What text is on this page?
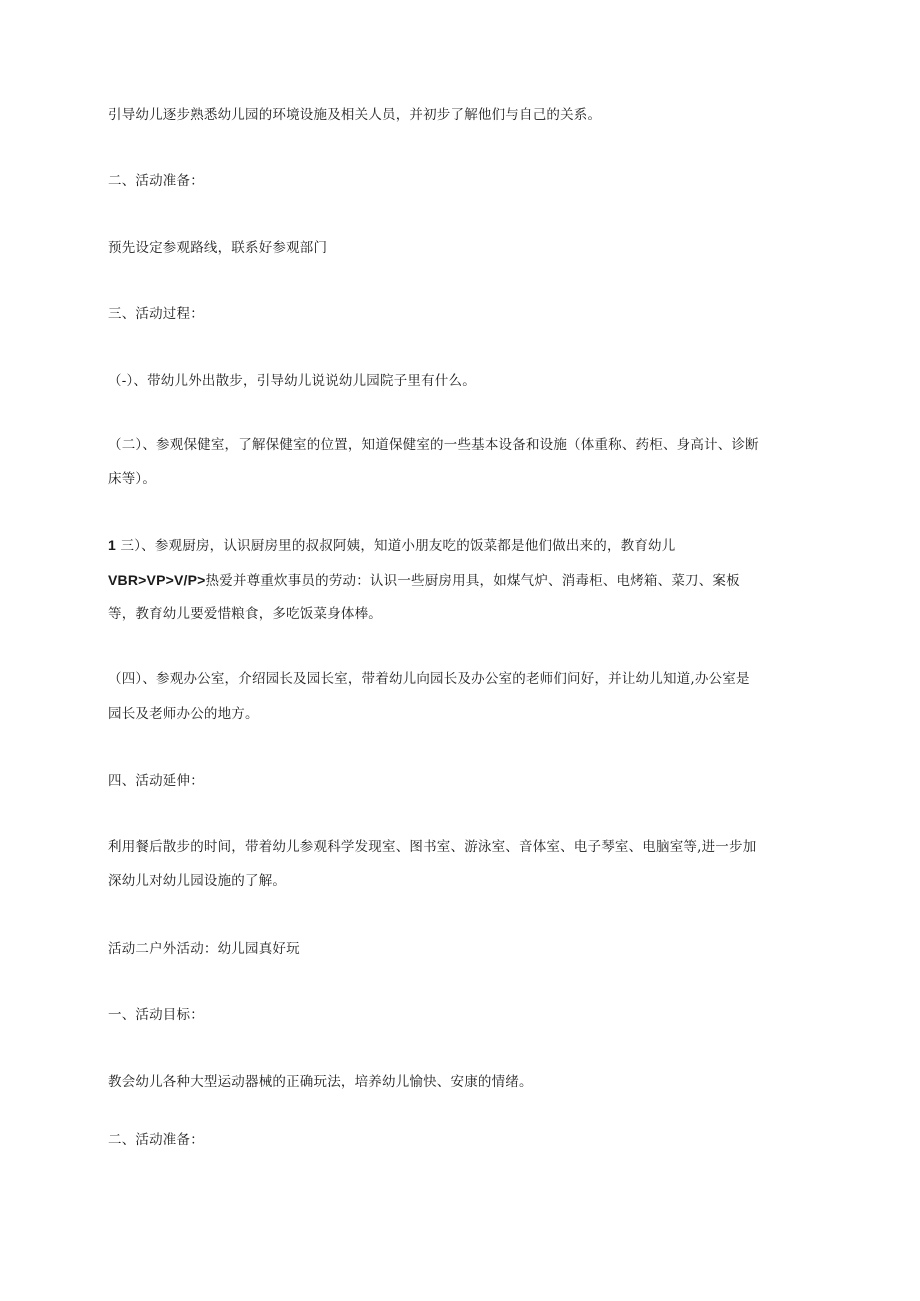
引导幼儿逐步熟悉幼儿园的环境设施及相关人员，并初步了解他们与自己的关系。
二、活动准备：
预先设定参观路线，联系好参观部门
三、活动过程：
（-）、带幼儿外出散步，引导幼儿说说幼儿园院子里有什么。
（二）、参观保健室，了解保健室的位置，知道保健室的一些基本设备和设施（体重称、药柜、身高计、诊断
床等）。
1 三）、参观厨房，认识厨房里的叔叔阿姨，知道小朋友吃的饭菜都是他们做出来的，教育幼儿
VBR>VP>V/P>热爱并尊重炊事员的劳动：认识一些厨房用具，如煤气炉、消毒柜、电烤箱、菜刀、案板
等，教育幼儿要爱惜粮食，多吃饭菜身体棒。
（四）、参观办公室，介绍园长及园长室，带着幼儿向园长及办公室的老师们问好，并让幼儿知道,办公室是
园长及老师办公的地方。
四、活动延伸：
利用餐后散步的时间，带着幼儿参观科学发现室、图书室、游泳室、音体室、电子琴室、电脑室等,进一步加
深幼儿对幼儿园设施的了解。
活动二户外活动：幼儿园真好玩
一、活动目标：
教会幼儿各种大型运动器械的正确玩法，培养幼儿愉快、安康的情绪。
二、活动准备：
